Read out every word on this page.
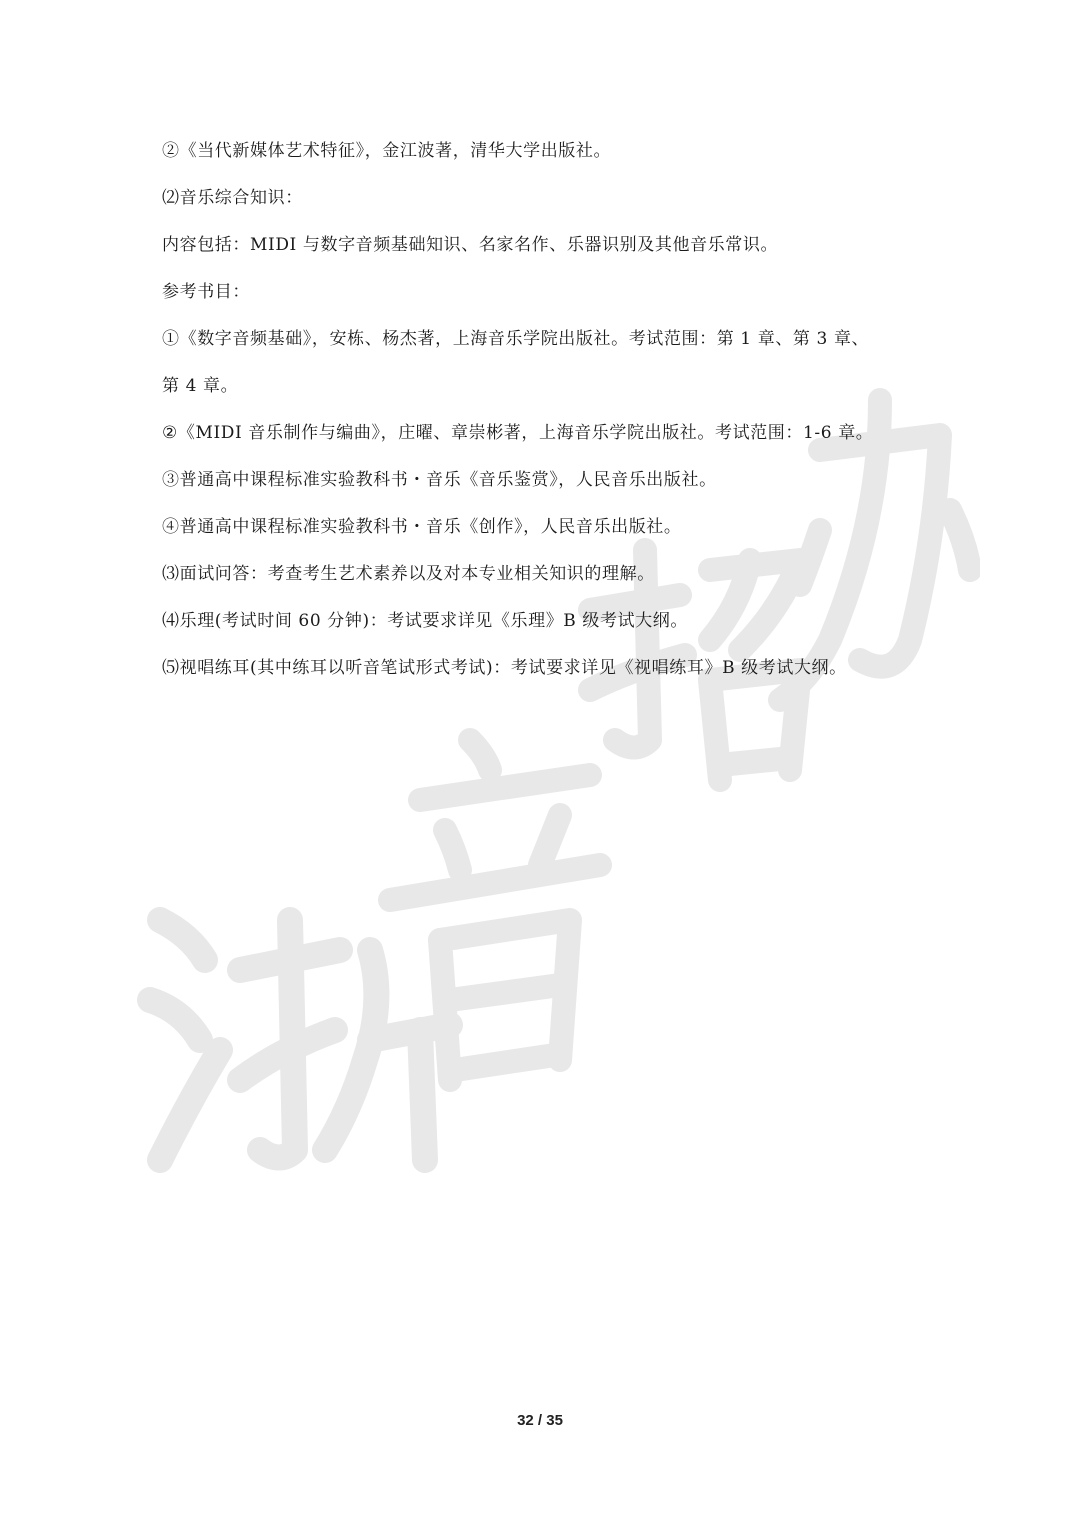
②《当代新媒体艺术特征》，金江波著，清华大学出版社。

⑵音乐综合知识：

内容包括：MIDI 与数字音频基础知识、名家名作、乐器识别及其他音乐常识。

参考书目：

①《数字音频基础》，安栋、杨杰著，上海音乐学院出版社。考试范围：第 1 章、第 3 章、

第 4 章。

②《MIDI 音乐制作与编曲》，庄曜、章崇彬著，上海音乐学院出版社。考试范围：1-6 章。

③普通高中课程标准实验教科书・音乐《音乐鉴赏》，人民音乐出版社。

④普通高中课程标准实验教科书・音乐《创作》，人民音乐出版社。

⑶面试问答：考查考生艺术素养以及对本专业相关知识的理解。

⑷乐理(考试时间 60 分钟)：考试要求详见《乐理》B 级考试大纲。

⑸视唱练耳(其中练耳以听音笔试形式考试)：考试要求详见《视唱练耳》B 级考试大纲。

32 / 35
